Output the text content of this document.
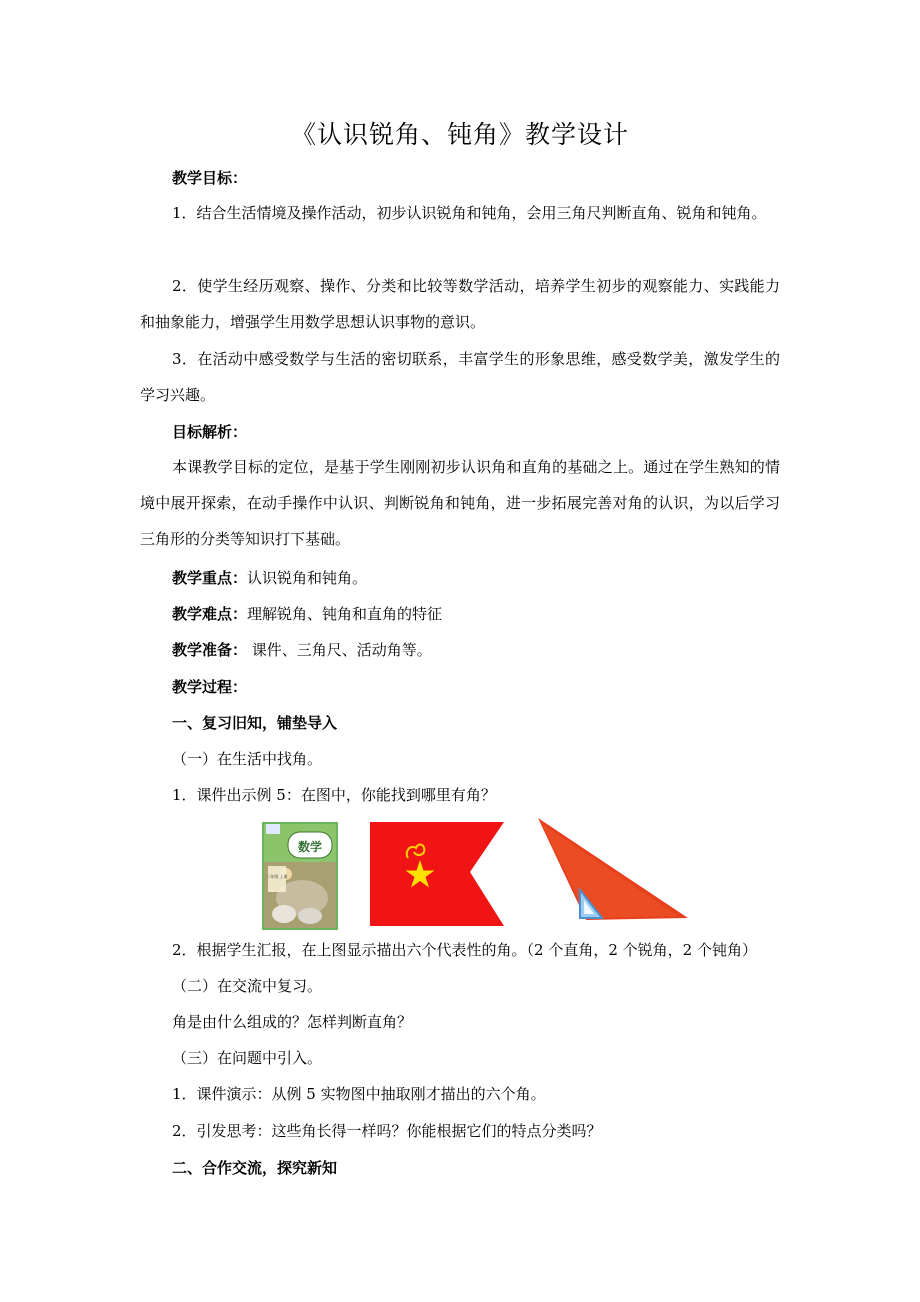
《认识锐角、钝角》教学设计

教学目标：

1．结合生活情境及操作活动，初步认识锐角和钝角，会用三角尺判断直角、锐角和钝角。

2．使学生经历观察、操作、分类和比较等数学活动，培养学生初步的观察能力、实践能力和抽象能力，增强学生用数学思想认识事物的意识。

3．在活动中感受数学与生活的密切联系，丰富学生的形象思维，感受数学美，激发学生的学习兴趣。

目标解析：

本课教学目标的定位，是基于学生刚刚初步认识角和直角的基础之上。通过在学生熟知的情境中展开探索，在动手操作中认识、判断锐角和钝角，进一步拓展完善对角的认识，为以后学习三角形的分类等知识打下基础。

教学重点：认识锐角和钝角。

教学难点：理解锐角、钝角和直角的特征

教学准备： 课件、三角尺、活动角等。

教学过程：

一、复习旧知，铺垫导入

（一）在生活中找角。

1．课件出示例 5：在图中，你能找到哪里有角？

数学
二年级 上册

2．根据学生汇报，在上图显示描出六个代表性的角。（2 个直角，2 个锐角，2 个钝角）

（二）在交流中复习。

角是由什么组成的？怎样判断直角？

（三）在问题中引入。

1．课件演示：从例 5 实物图中抽取刚才描出的六个角。

2．引发思考：这些角长得一样吗？你能根据它们的特点分类吗？

二、合作交流，探究新知
